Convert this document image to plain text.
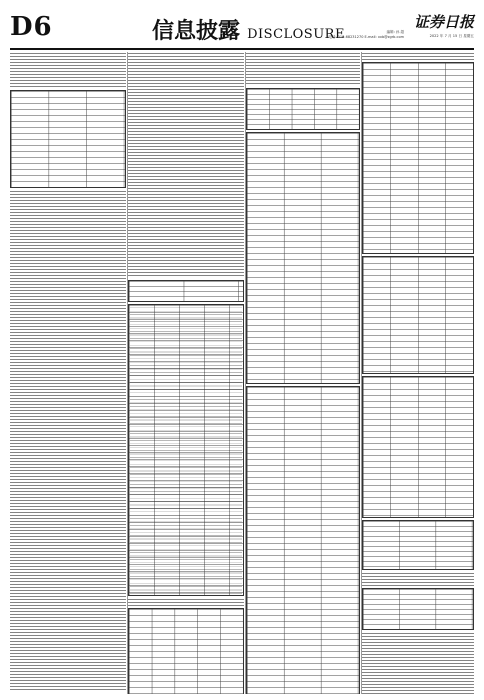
D6	信息披露 DISCLOSURE	编辑: 孙 超
电话: 010-68231270 E-mail: xxb@zgrb.com
证券日报
2022 年 7 月 15 日 星期五
